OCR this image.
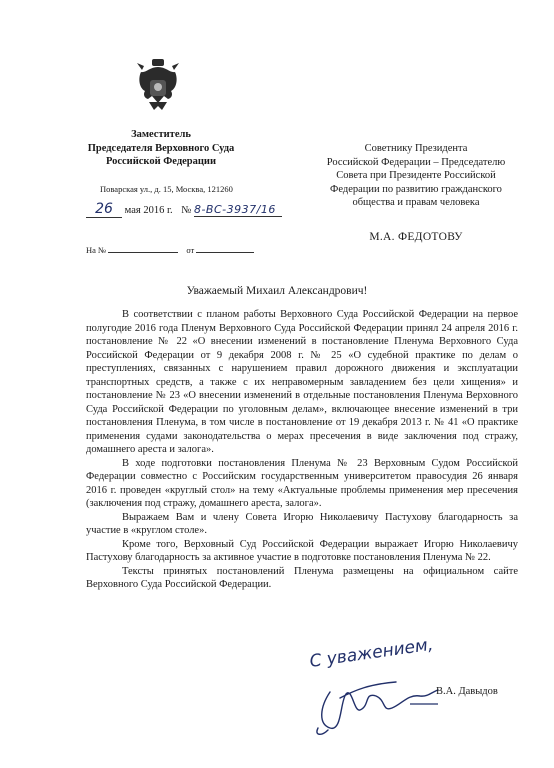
Заместитель
Председателя Верховного Суда
Российской Федерации
Поварская ул., д. 15, Москва, 121260
26 мая 2016 г. № 8-ВС-3937/16
На №	от
Советнику Президента
Российской Федерации – Председателю
Совета при Президенте Российской
Федерации по развитию гражданского
общества и правам человека
М.А. ФЕДОТОВУ
Уважаемый Михаил Александрович!

В соответствии с планом работы Верховного Суда Российской Федерации на первое полугодие 2016 года Пленум Верховного Суда Российской Федерации принял 24 апреля 2016 г. постановление № 22 «О внесении изменений в постановление Пленума Верховного Суда Российской Федерации от 9 декабря 2008 г. № 25 «О судебной практике по делам о преступлениях, связанных с нарушением правил дорожного движения и эксплуатации транспортных средств, а также с их неправомерным завладением без цели хищения» и постановление № 23 «О внесении изменений в отдельные постановления Пленума Верховного Суда Российской Федерации по уголовным делам», включающее внесение изменений в три постановления Пленума, в том числе в постановление от 19 декабря 2013 г. № 41 «О практике применения судами законодательства о мерах пресечения в виде заключения под стражу, домашнего ареста и залога».

В ходе подготовки постановления Пленума № 23 Верховным Судом Российской Федерации совместно с Российским государственным университетом правосудия 26 января 2016 г. проведен «круглый стол» на тему «Актуальные проблемы применения мер пресечения (заключения под стражу, домашнего ареста, залога».

Выражаем Вам и члену Совета Игорю Николаевичу Пастухову благодарность за участие в «круглом столе».

Кроме того, Верховный Суд Российской Федерации выражает Игорю Николаевичу Пастухову благодарность за активное участие в подготовке постановления Пленума № 22.

Тексты принятых постановлений Пленума размещены на официальном сайте Верховного Суда Российской Федерации.

С уважением,
В.А. Давыдов
